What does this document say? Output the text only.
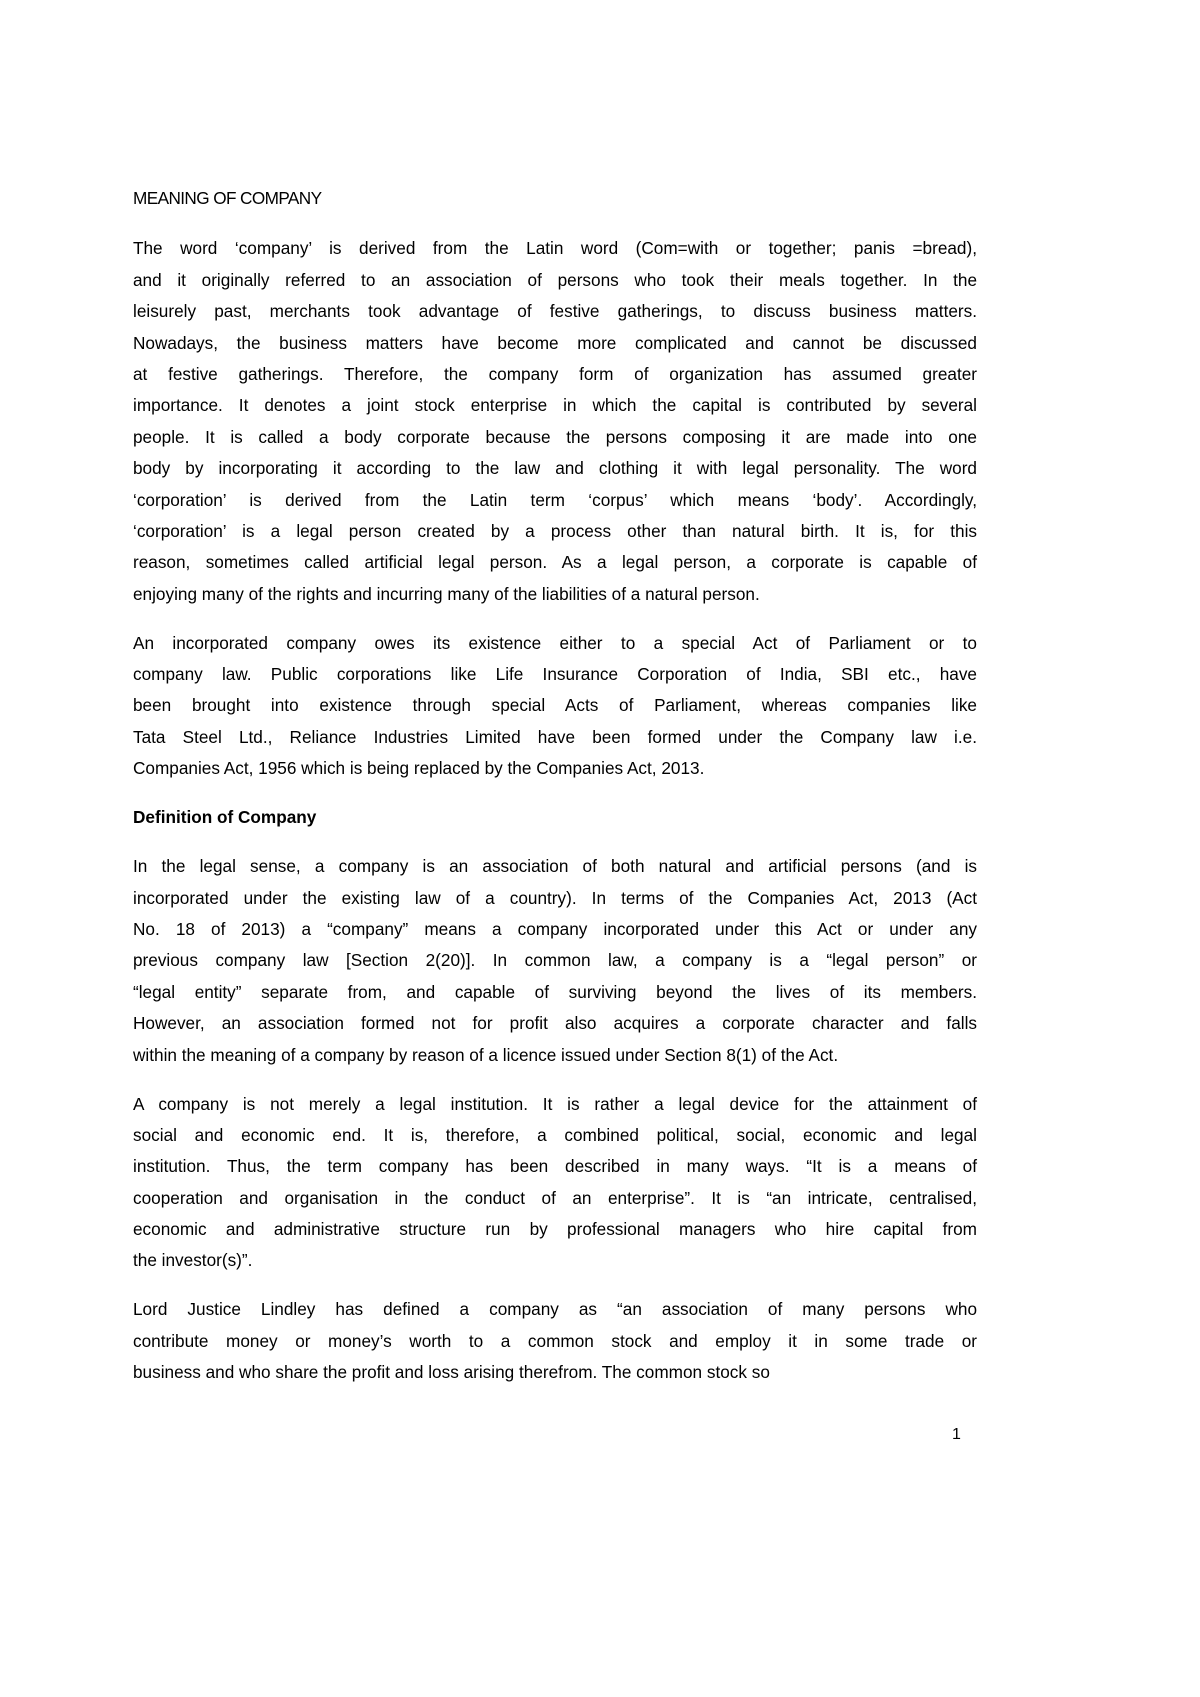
MEANING OF COMPANY
The word ‘company’ is derived from the Latin word (Com=with or together; panis =bread),
and it originally referred to an association of persons who took their meals together. In the
leisurely past, merchants took advantage of festive gatherings, to discuss business matters.
Nowadays, the business matters have become more complicated and cannot be discussed
at festive gatherings. Therefore, the company form of organization has assumed greater
importance. It denotes a joint stock enterprise in which the capital is contributed by several
people. It is called a body corporate because the persons composing it are made into one
body by incorporating it according to the law and clothing it with legal personality. The word
‘corporation’ is derived from the Latin term ‘corpus’ which means ‘body’. Accordingly,
‘corporation’ is a legal person created by a process other than natural birth. It is, for this
reason, sometimes called artificial legal person. As a legal person, a corporate is capable of
enjoying many of the rights and incurring many of the liabilities of a natural person.
An incorporated company owes its existence either to a special Act of Parliament or to
company law. Public corporations like Life Insurance Corporation of India, SBI etc., have
been brought into existence through special Acts of Parliament, whereas companies like
Tata Steel Ltd., Reliance Industries Limited have been formed under the Company law i.e.
Companies Act, 1956 which is being replaced by the Companies Act, 2013.
Definition of Company
In the legal sense, a company is an association of both natural and artificial persons (and is
incorporated under the existing law of a country). In terms of the Companies Act, 2013 (Act
No. 18 of 2013) a “company” means a company incorporated under this Act or under any
previous company law [Section 2(20)]. In common law, a company is a “legal person” or
“legal entity” separate from, and capable of surviving beyond the lives of its members.
However, an association formed not for profit also acquires a corporate character and falls
within the meaning of a company by reason of a licence issued under Section 8(1) of the Act.
A company is not merely a legal institution. It is rather a legal device for the attainment of
social and economic end. It is, therefore, a combined political, social, economic and legal
institution. Thus, the term company has been described in many ways. “It is a means of
cooperation and organisation in the conduct of an enterprise”. It is “an intricate, centralised,
economic and administrative structure run by professional managers who hire capital from
the investor(s)”.
Lord Justice Lindley has defined a company as “an association of many persons who
contribute money or money’s worth to a common stock and employ it in some trade or
business and who share the profit and loss arising therefrom. The common stock so
1
